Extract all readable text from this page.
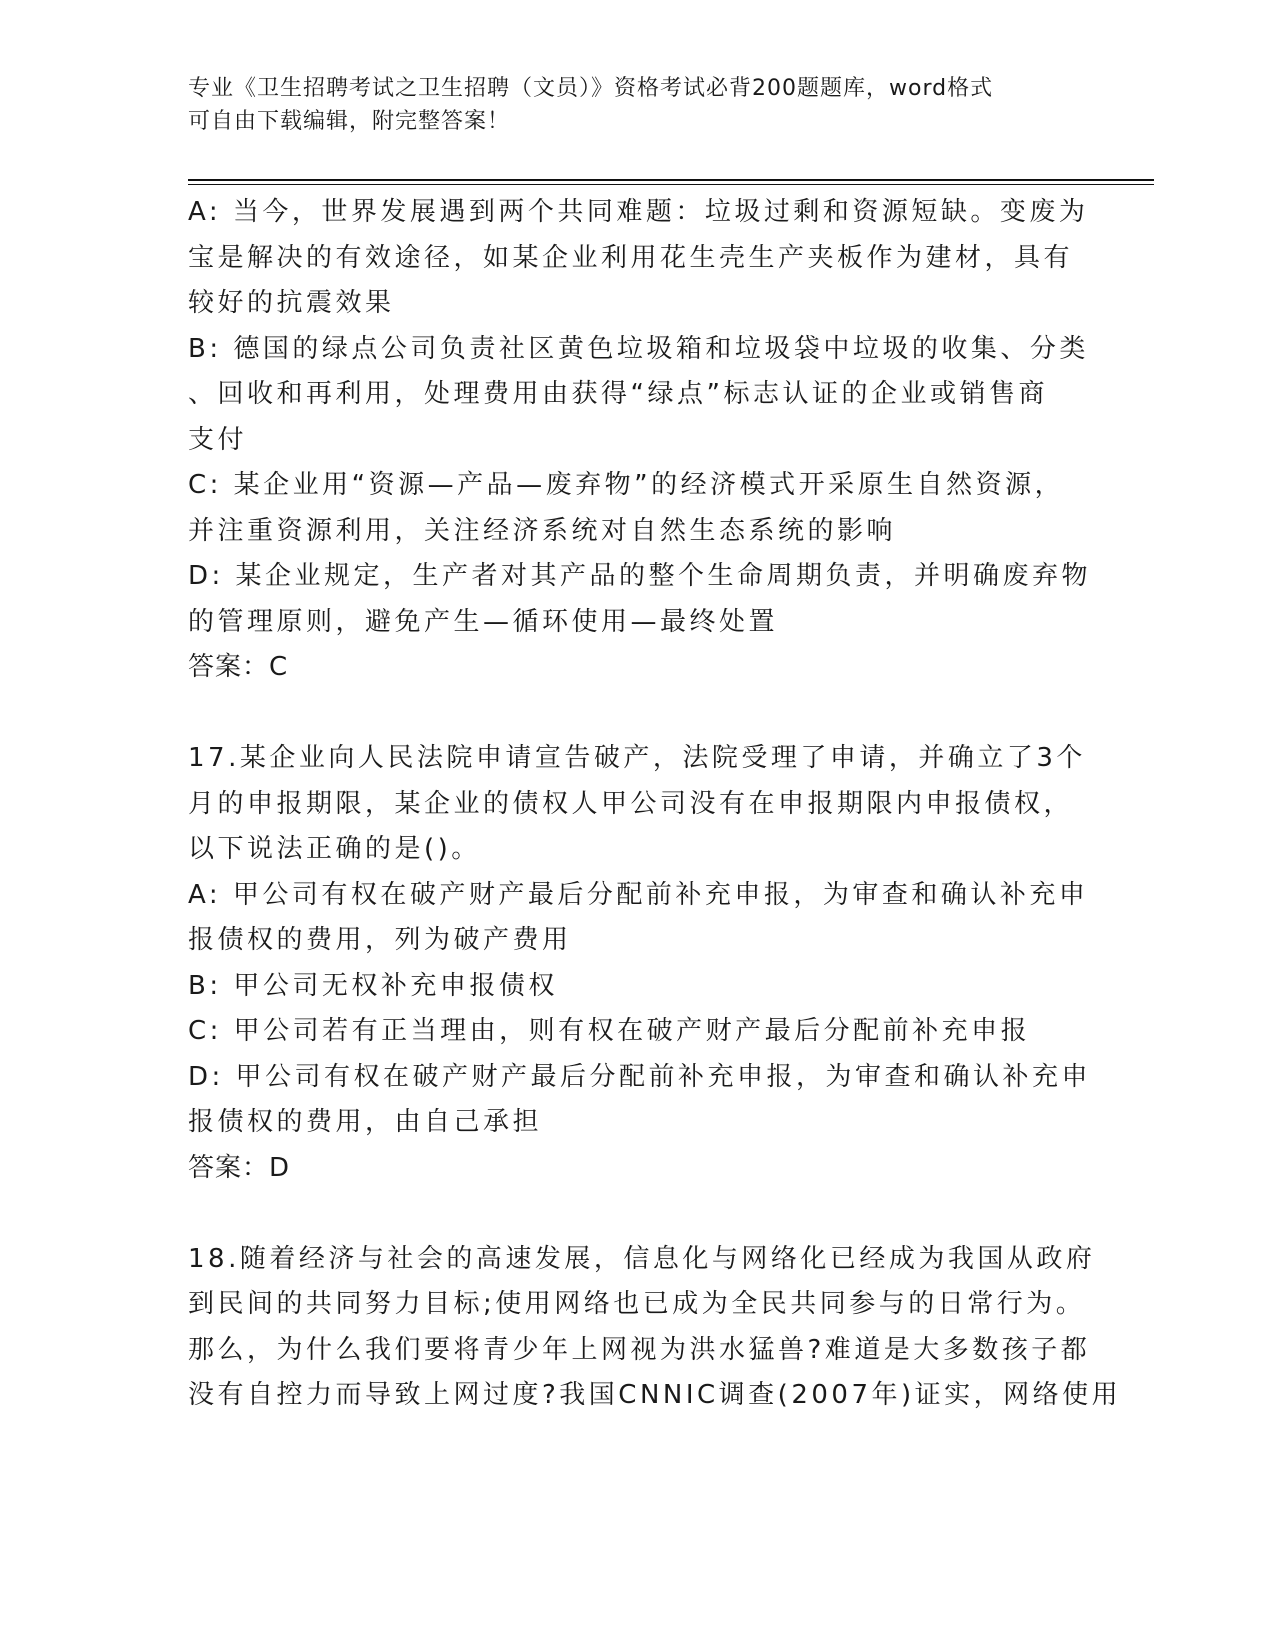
专业《卫生招聘考试之卫生招聘（文员）》资格考试必背200题题库，word格式

可自由下载编辑，附完整答案！

A: 当今，世界发展遇到两个共同难题：垃圾过剩和资源短缺。变废为
宝是解决的有效途径，如某企业利用花生壳生产夹板作为建材，具有
较好的抗震效果
B: 德国的绿点公司负责社区黄色垃圾箱和垃圾袋中垃圾的收集、分类
、回收和再利用，处理费用由获得“绿点”标志认证的企业或销售商
支付
C: 某企业用“资源—产品—废弃物”的经济模式开采原生自然资源，
并注重资源利用，关注经济系统对自然生态系统的影响
D: 某企业规定，生产者对其产品的整个生命周期负责，并明确废弃物
的管理原则，避免产生—循环使用—最终处置
答案：C
17.某企业向人民法院申请宣告破产，法院受理了申请，并确立了3个
月的申报期限，某企业的债权人甲公司没有在申报期限内申报债权，
以下说法正确的是()。
A: 甲公司有权在破产财产最后分配前补充申报，为审查和确认补充申
报债权的费用，列为破产费用
B: 甲公司无权补充申报债权
C: 甲公司若有正当理由，则有权在破产财产最后分配前补充申报
D: 甲公司有权在破产财产最后分配前补充申报，为审查和确认补充申
报债权的费用，由自己承担
答案：D
18.随着经济与社会的高速发展，信息化与网络化已经成为我国从政府
到民间的共同努力目标;使用网络也已成为全民共同参与的日常行为。
那么，为什么我们要将青少年上网视为洪水猛兽?难道是大多数孩子都
没有自控力而导致上网过度?我国CNNIC调查(2007年)证实，网络使用
